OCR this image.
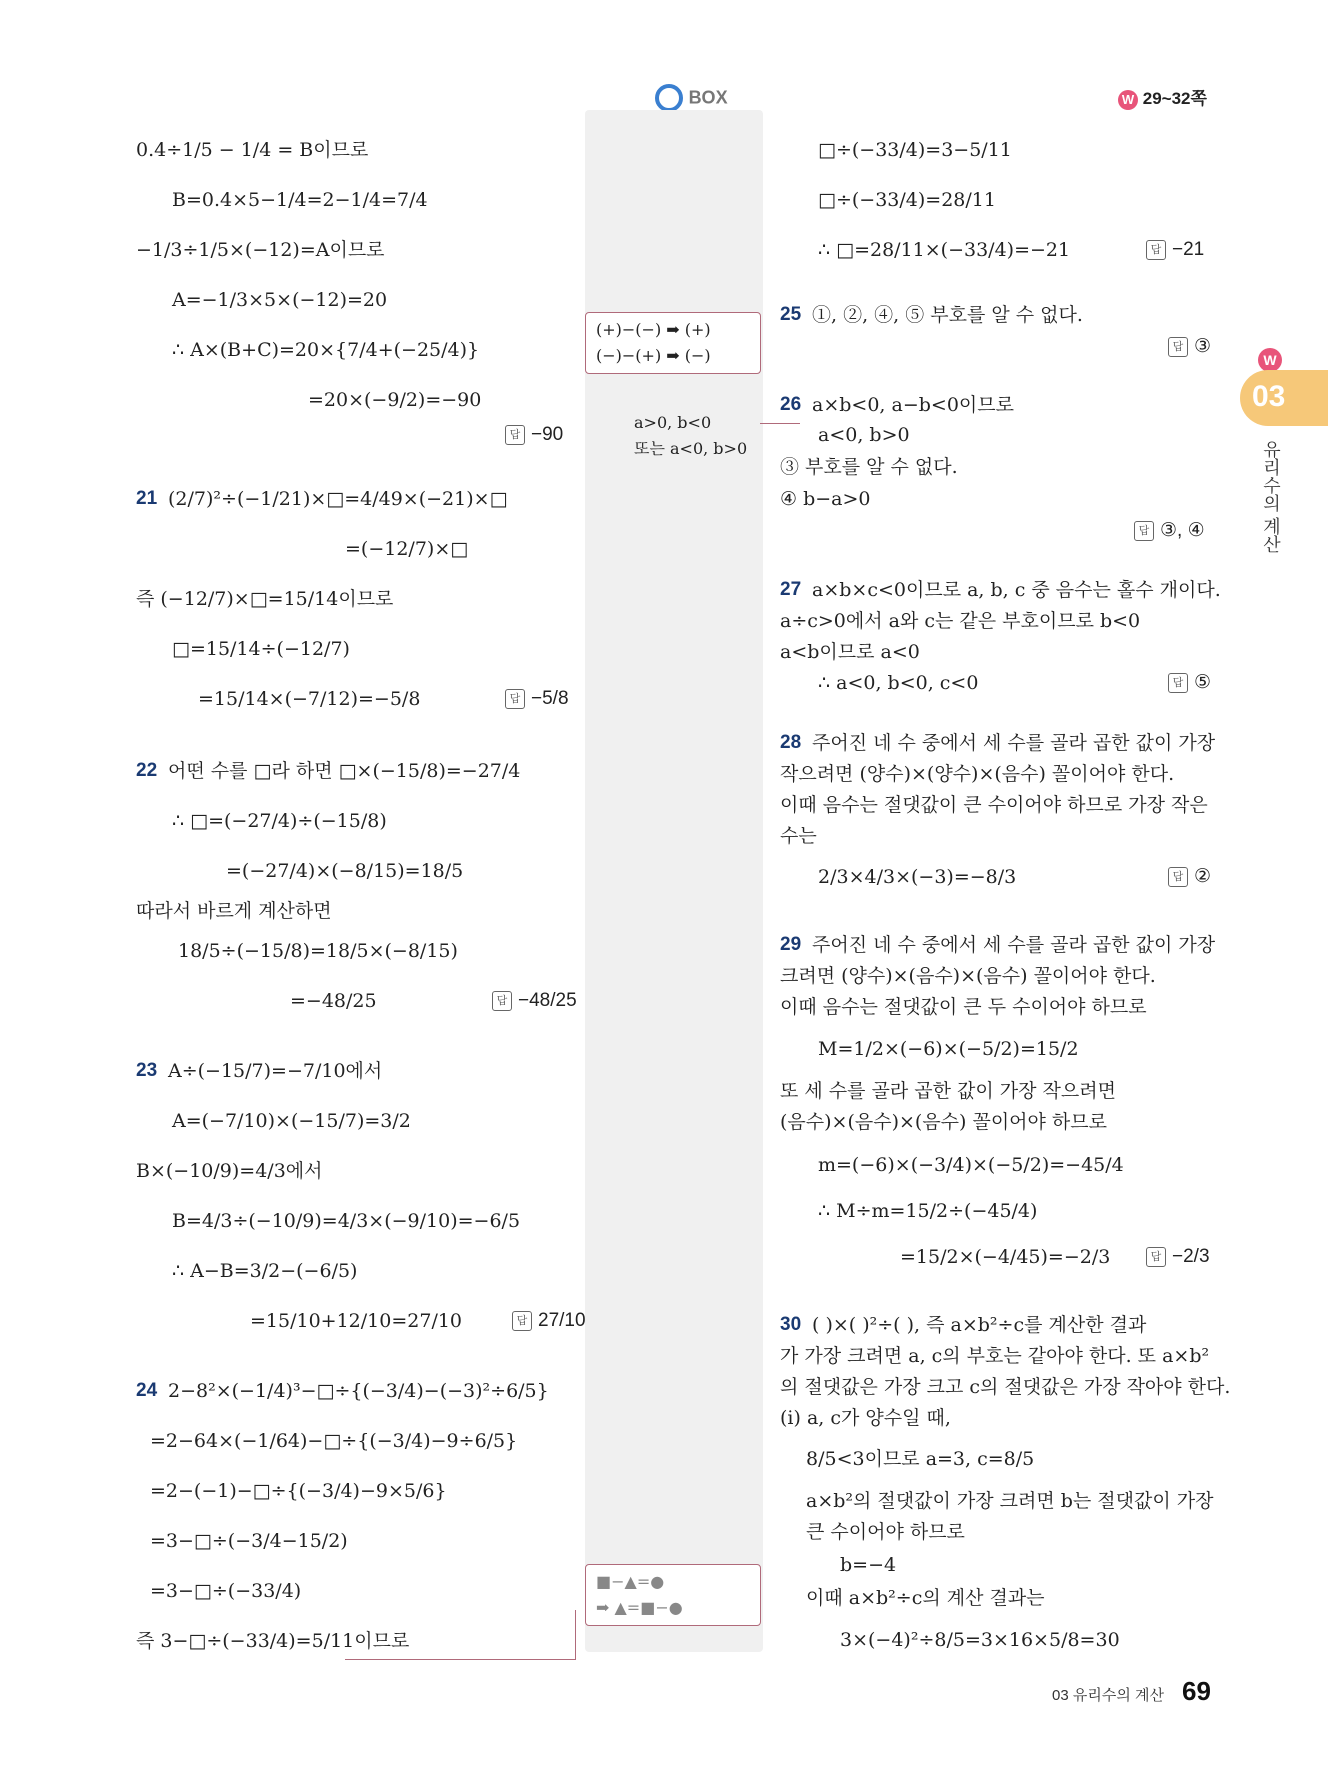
BOX	W 29~32쪽
W
03
유리수의 계산
(+)−(−) ➡ (+)
(−)−(+) ➡ (−)
a>0, b<0
또는 a<0, b>0
■−▲=●
➡ ▲=■−●
0.4÷1/5 − 1/4 = B이므로
B=0.4×5−1/4=2−1/4=7/4
−1/3÷1/5×(−12)=A이므로
A=−1/3×5×(−12)=20
∴ A×(B+C)=20×{7/4+(−25/4)}
=20×(−9/2)=−90
답 −90
21 (2/7)²÷(−1/21)×□=4/49×(−21)×□
=(−12/7)×□
즉 (−12/7)×□=15/14이므로
□=15/14÷(−12/7)
=15/14×(−7/12)=−5/8	답 −5/8
22 어떤 수를 □라 하면 □×(−15/8)=−27/4
∴ □=(−27/4)÷(−15/8)
=(−27/4)×(−8/15)=18/5
따라서 바르게 계산하면
18/5÷(−15/8)=18/5×(−8/15)
=−48/25	답 −48/25
23 A÷(−15/7)=−7/10에서
A=(−7/10)×(−15/7)=3/2
B×(−10/9)=4/3에서
B=4/3÷(−10/9)=4/3×(−9/10)=−6/5
∴ A−B=3/2−(−6/5)
=15/10+12/10=27/10	답 27/10
24 2−8²×(−1/4)³−□÷{(−3/4)−(−3)²÷6/5}
=2−64×(−1/64)−□÷{(−3/4)−9÷6/5}
=2−(−1)−□÷{(−3/4)−9×5/6}
=3−□÷(−3/4−15/2)
=3−□÷(−33/4)
즉 3−□÷(−33/4)=5/11이므로
□÷(−33/4)=3−5/11
□÷(−33/4)=28/11
∴ □=28/11×(−33/4)=−21	답 −21
25 ①, ②, ④, ⑤ 부호를 알 수 없다.
답 ③
26 a×b<0, a−b<0이므로
a<0, b>0
③ 부호를 알 수 없다.
④ b−a>0
답 ③, ④
27 a×b×c<0이므로 a, b, c 중 음수는 홀수 개이다.
a÷c>0에서 a와 c는 같은 부호이므로 b<0
a<b이므로 a<0
∴ a<0, b<0, c<0	답 ⑤
28 주어진 네 수 중에서 세 수를 골라 곱한 값이 가장
작으려면 (양수)×(양수)×(음수) 꼴이어야 한다.
이때 음수는 절댓값이 큰 수이어야 하므로 가장 작은
수는
2/3×4/3×(−3)=−8/3	답 ②
29 주어진 네 수 중에서 세 수를 골라 곱한 값이 가장
크려면 (양수)×(음수)×(음수) 꼴이어야 한다.
이때 음수는 절댓값이 큰 두 수이어야 하므로
M=1/2×(−6)×(−5/2)=15/2
또 세 수를 골라 곱한 값이 가장 작으려면
(음수)×(음수)×(음수) 꼴이어야 하므로
m=(−6)×(−3/4)×(−5/2)=−45/4
∴ M÷m=15/2÷(−45/4)
=15/2×(−4/45)=−2/3	답 −2/3
30 ( )×( )²÷( ), 즉 a×b²÷c를 계산한 결과
가 가장 크려면 a, c의 부호는 같아야 한다. 또 a×b²
의 절댓값은 가장 크고 c의 절댓값은 가장 작아야 한다.
(i) a, c가 양수일 때,
8/5<3이므로 a=3, c=8/5
a×b²의 절댓값이 가장 크려면 b는 절댓값이 가장
큰 수이어야 하므로
b=−4
이때 a×b²÷c의 계산 결과는
3×(−4)²÷8/5=3×16×5/8=30
03 유리수의 계산 69
